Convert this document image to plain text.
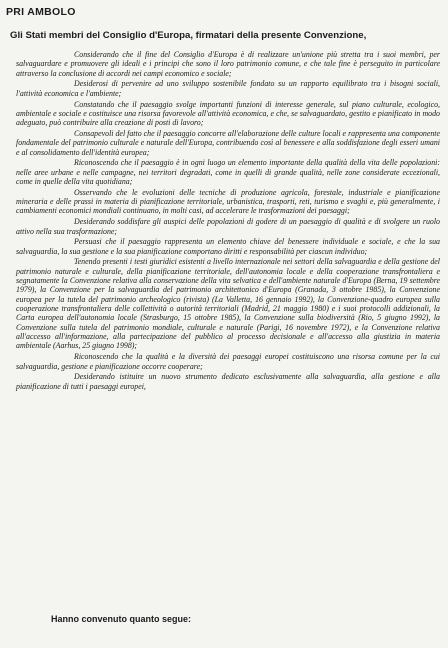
PRI AMBOLO
Gli Stati membri del Consiglio d'Europa, firmatari della presente Convenzione,

Considerando che il fine del Consiglio d'Europa è di realizzare un'unione più stretta tra i suoi membri, per salvaguardare e promuovere gli ideali e i principi che sono il loro patrimonio comune, e che tale fine è perseguito in particolare attraverso la conclusione di accordi nei campi economico e sociale;

Desiderosi di pervenire ad uno sviluppo sostenibile fondato su un rapporto equilibrato tra i bisogni sociali, l'attività economica e l'ambiente;

Constatando che il paesaggio svolge importanti funzioni di interesse generale, sul piano culturale, ecologico, ambientale e sociale e costituisce una risorsa favorevole all'attività economica, e che, se salvaguardato, gestito e pianificato in modo adeguato, può contribuire alla creazione di posti di lavoro;

Consapevoli del fatto che il paesaggio concorre all'elaborazione delle culture locali e rappresenta una componente fondamentale del patrimonio culturale e naturale dell'Europa, contribuendo così al benessere e alla soddisfazione degli esseri umani e al consolidamento dell'identità europea;

Riconoscendo che il paesaggio è in ogni luogo un elemento importante della qualità della vita delle popolazioni: nelle aree urbane e nelle campagne, nei territori degradati, come in quelli di grande qualità, nelle zone considerate eccezionali, come in quelle della vita quotidiana;

Osservando che le evoluzioni delle tecniche di produzione agricola, forestale, industriale e pianificazione mineraria e delle prassi in materia di pianificazione territoriale, urbanistica, trasporti, reti, turismo e svaghi e, più generalmente, i cambiamenti economici mondiali continuano, in molti casi, ad accelerare le trasformazioni dei paesaggi;

Desiderando soddisfare gli auspici delle popolazioni di godere di un paesaggio di qualità e di svolgere un ruolo attivo nella sua trasformazione;

Persuasi che il paesaggio rappresenta un elemento chiave del benessere individuale e sociale, e che la sua salvaguardia, la sua gestione e la sua pianificazione comportano diritti e responsabilità per ciascun individuo;

Tenendo presenti i testi giuridici esistenti a livello internazionale nei settori della salvaguardia e della gestione del patrimonio naturale e culturale, della pianificazione territoriale, dell'autonomia locale e della cooperazione transfrontaliera e segnatamente la Convenzione relativa alla conservazione della vita selvatica e dell'ambiente naturale d'Europa (Berna, 19 settembre 1979), la Convenzione per la salvaguardia del patrimonio architettonico d'Europa (Granada, 3 ottobre 1985), la Convenzione europea per la tutela del patrimonio archeologico (rivista) (La Valletta, 16 gennaio 1992), la Convenzione-quadro europea sulla cooperazione transfrontaliera delle collettività o autorità territoriali (Madrid, 21 maggio 1980) e i suoi protocolli addizionali, la Carta europea dell'autonomia locale (Strasburgo, 15 ottobre 1985), la Convenzione sulla biodiversità (Rio, 5 giugno 1992), la Convenzione sulla tutela del patrimonio mondiale, culturale e naturale (Parigi, 16 novembre 1972), e la Convenzione relativa all'accesso all'informazione, alla partecipazione del pubblico al processo decisionale e all'accesso alla giustizia in materia ambientale (Aarhus, 25 giugno 1998);

Riconoscendo che la qualità e la diversità dei paesaggi europei costituiscono una risorsa comune per la cui salvaguardia, gestione e pianificazione occorre cooperare;

Desiderando istituire un nuovo strumento dedicato esclusivamente alla salvaguardia, alla gestione e alla pianificazione di tutti i paesaggi europei,

Hanno convenuto quanto segue:
